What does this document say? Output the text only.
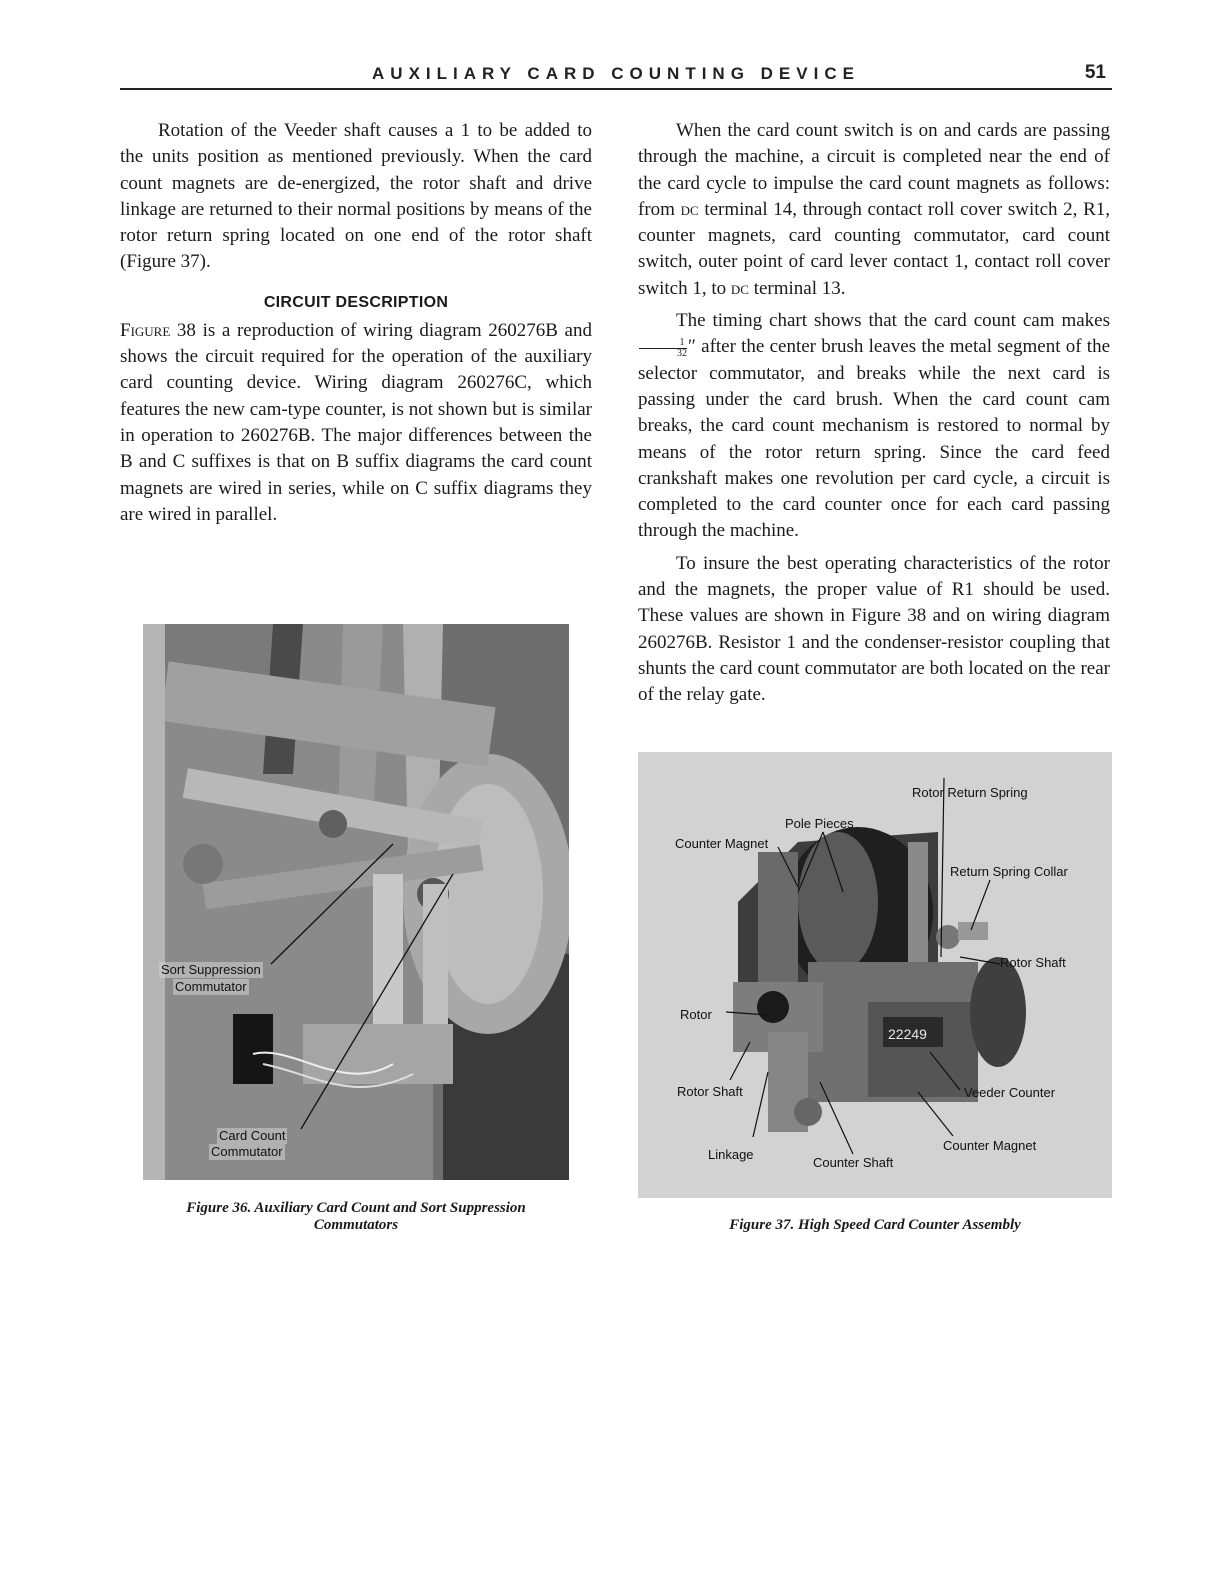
AUXILIARY CARD COUNTING DEVICE	51

Rotation of the Veeder shaft causes a 1 to be added to the units position as mentioned previously. When the card count magnets are de-energized, the rotor shaft and drive linkage are returned to their normal positions by means of the rotor return spring located on one end of the rotor shaft (Figure 37).

CIRCUIT DESCRIPTION

Figure 38 is a reproduction of wiring diagram 260276B and shows the circuit required for the operation of the auxiliary card counting device. Wiring diagram 260276C, which features the new cam-type counter, is not shown but is similar in operation to 260276B. The major differences between the B and C suffixes is that on B suffix diagrams the card count magnets are wired in series, while on C suffix diagrams they are wired in parallel.

When the card count switch is on and cards are passing through the machine, a circuit is completed near the end of the card cycle to impulse the card count magnets as follows: from dc terminal 14, through contact roll cover switch 2, R1, counter magnets, card counting commutator, card count switch, outer point of card lever contact 1, contact roll cover switch 1, to dc terminal 13.

The timing chart shows that the card count cam makes
$\frac{1}{32}$ ″ after the center brush leaves the metal segment of the selector commutator, and breaks while the next card is passing under the card brush. When the card count cam breaks, the card count mechanism is restored to normal by means of the rotor return spring. Since the card feed crankshaft makes one revolution per card cycle, a circuit is completed to the card counter once for each card passing through the machine.

To insure the best operating characteristics of the rotor and the magnets, the proper value of R1 should be used. These values are shown in Figure 38 and on wiring diagram 260276B. Resistor 1 and the condenser-resistor coupling that shunts the card count commutator are both located on the rear of the relay gate.

Sort Suppression
Commutator
Card Count
Commutator
Figure 36. Auxiliary Card Count and Sort Suppression
Commutators
22249
Rotor Return Spring
Pole Pieces
Counter Magnet
Return Spring Collar
Rotor Shaft
Rotor
Rotor Shaft	Veeder Counter
Counter Magnet
Linkage
Counter Shaft
Figure 37. High Speed Card Counter Assembly
